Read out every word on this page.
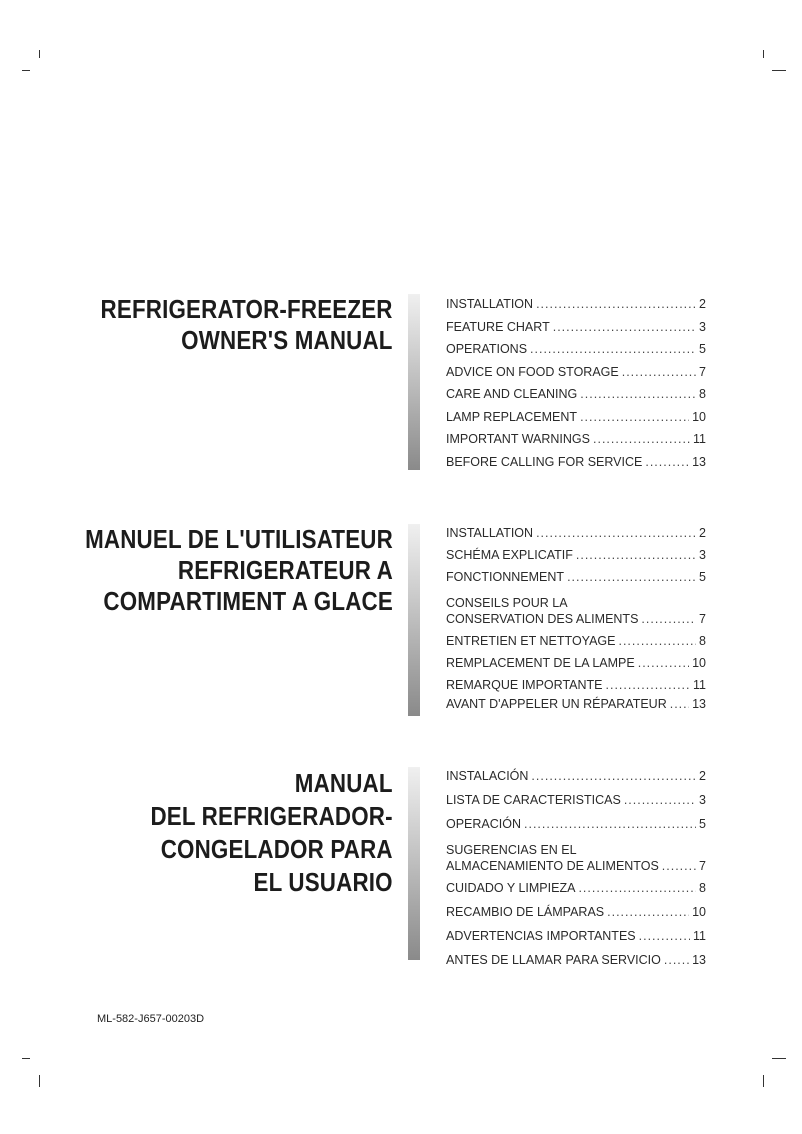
REFRIGERATOR-FREEZER
OWNER'S MANUAL
INSTALLATION .....	2
FEATURE CHART .....	3
OPERATIONS .....	5
ADVICE ON FOOD STORAGE .....	7
CARE AND CLEANING .....	8
LAMP REPLACEMENT .....	10
IMPORTANT WARNINGS .....	11
BEFORE CALLING FOR SERVICE .....	13
MANUEL DE L'UTILISATEUR
REFRIGERATEUR A
COMPARTIMENT A GLACE
INSTALLATION .....	2
SCHÉMA EXPLICATIF .....	3
FONCTIONNEMENT .....	5
CONSEILS POUR LA
CONSERVATION DES ALIMENTS .....	7
ENTRETIEN ET NETTOYAGE .....	8
REMPLACEMENT DE LA LAMPE .....	10
REMARQUE IMPORTANTE .....	11
AVANT D'APPELER UN RÉPARATEUR ..... 13
MANUAL
DEL REFRIGERADOR-
CONGELADOR PARA
EL USUARIO
INSTALACIÓN .....	2
LISTA DE CARACTERISTICAS .....	3
OPERACIÓN .....	5
SUGERENCIAS EN EL
ALMACENAMIENTO DE ALIMENTOS .....	7
CUIDADO Y LIMPIEZA .....	8
RECAMBIO DE LÁMPARAS .....	10
ADVERTENCIAS IMPORTANTES .....	11
ANTES DE LLAMAR PARA SERVICIO ..... 13
ML-582-J657-00203D
